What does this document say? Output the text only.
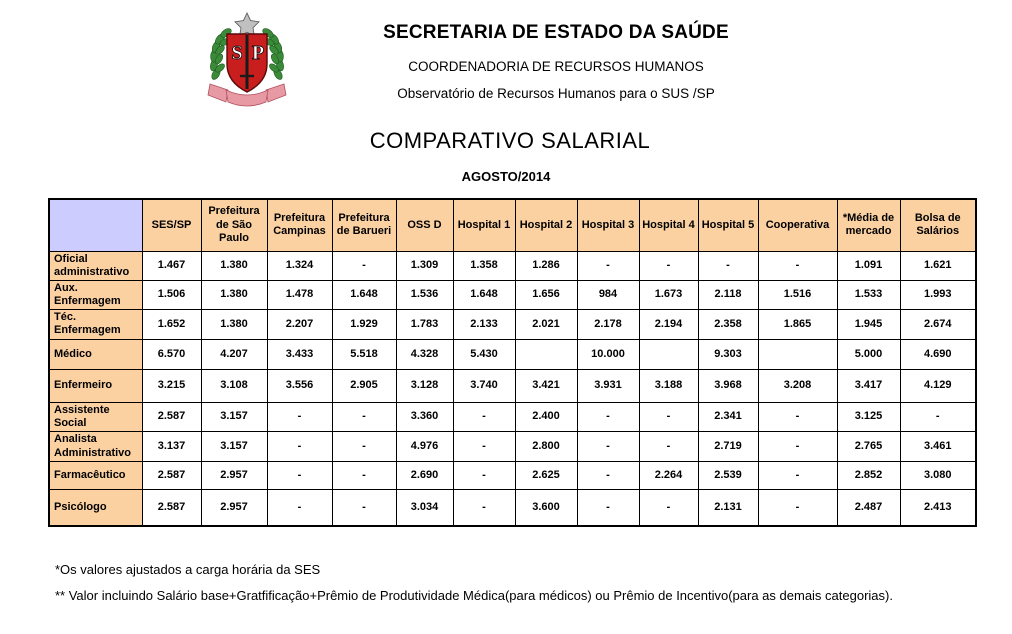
S P
SECRETARIA DE ESTADO DA SAÚDE
COORDENADORIA DE RECURSOS HUMANOS
Observatório de Recursos Humanos para o SUS /SP
COMPARATIVO SALARIAL
AGOSTO/2014
	SES/SP	Prefeitura de São Paulo	Prefeitura Campinas	Prefeitura de Barueri	OSS D	Hospital 1	Hospital 2	Hospital 3	Hospital 4	Hospital 5	Cooperativa	*Média de mercado	Bolsa de Salários
Oficial administrativo	1.467	1.380	1.324	-	1.309	1.358	1.286	-	-	-	-	1.091	1.621
Aux. Enfermagem	1.506	1.380	1.478	1.648	1.536	1.648	1.656	984	1.673	2.118	1.516	1.533	1.993
Téc. Enfermagem	1.652	1.380	2.207	1.929	1.783	2.133	2.021	2.178	2.194	2.358	1.865	1.945	2.674
Médico	6.570	4.207	3.433	5.518	4.328	5.430		10.000		9.303		5.000	4.690
Enfermeiro	3.215	3.108	3.556	2.905	3.128	3.740	3.421	3.931	3.188	3.968	3.208	3.417	4.129
Assistente Social	2.587	3.157	-	-	3.360	-	2.400	-	-	2.341	-	3.125	-
Analista Administrativo	3.137	3.157	-	-	4.976	-	2.800	-	-	2.719	-	2.765	3.461
Farmacêutico	2.587	2.957	-	-	2.690	-	2.625	-	2.264	2.539	-	2.852	3.080
Psicólogo	2.587	2.957	-	-	3.034	-	3.600	-	-	2.131	-	2.487	2.413
*Os valores ajustados a carga horária da SES
** Valor incluindo Salário base+Gratfificação+Prêmio de Produtividade Médica(para médicos) ou Prêmio de Incentivo(para as demais categorias).
